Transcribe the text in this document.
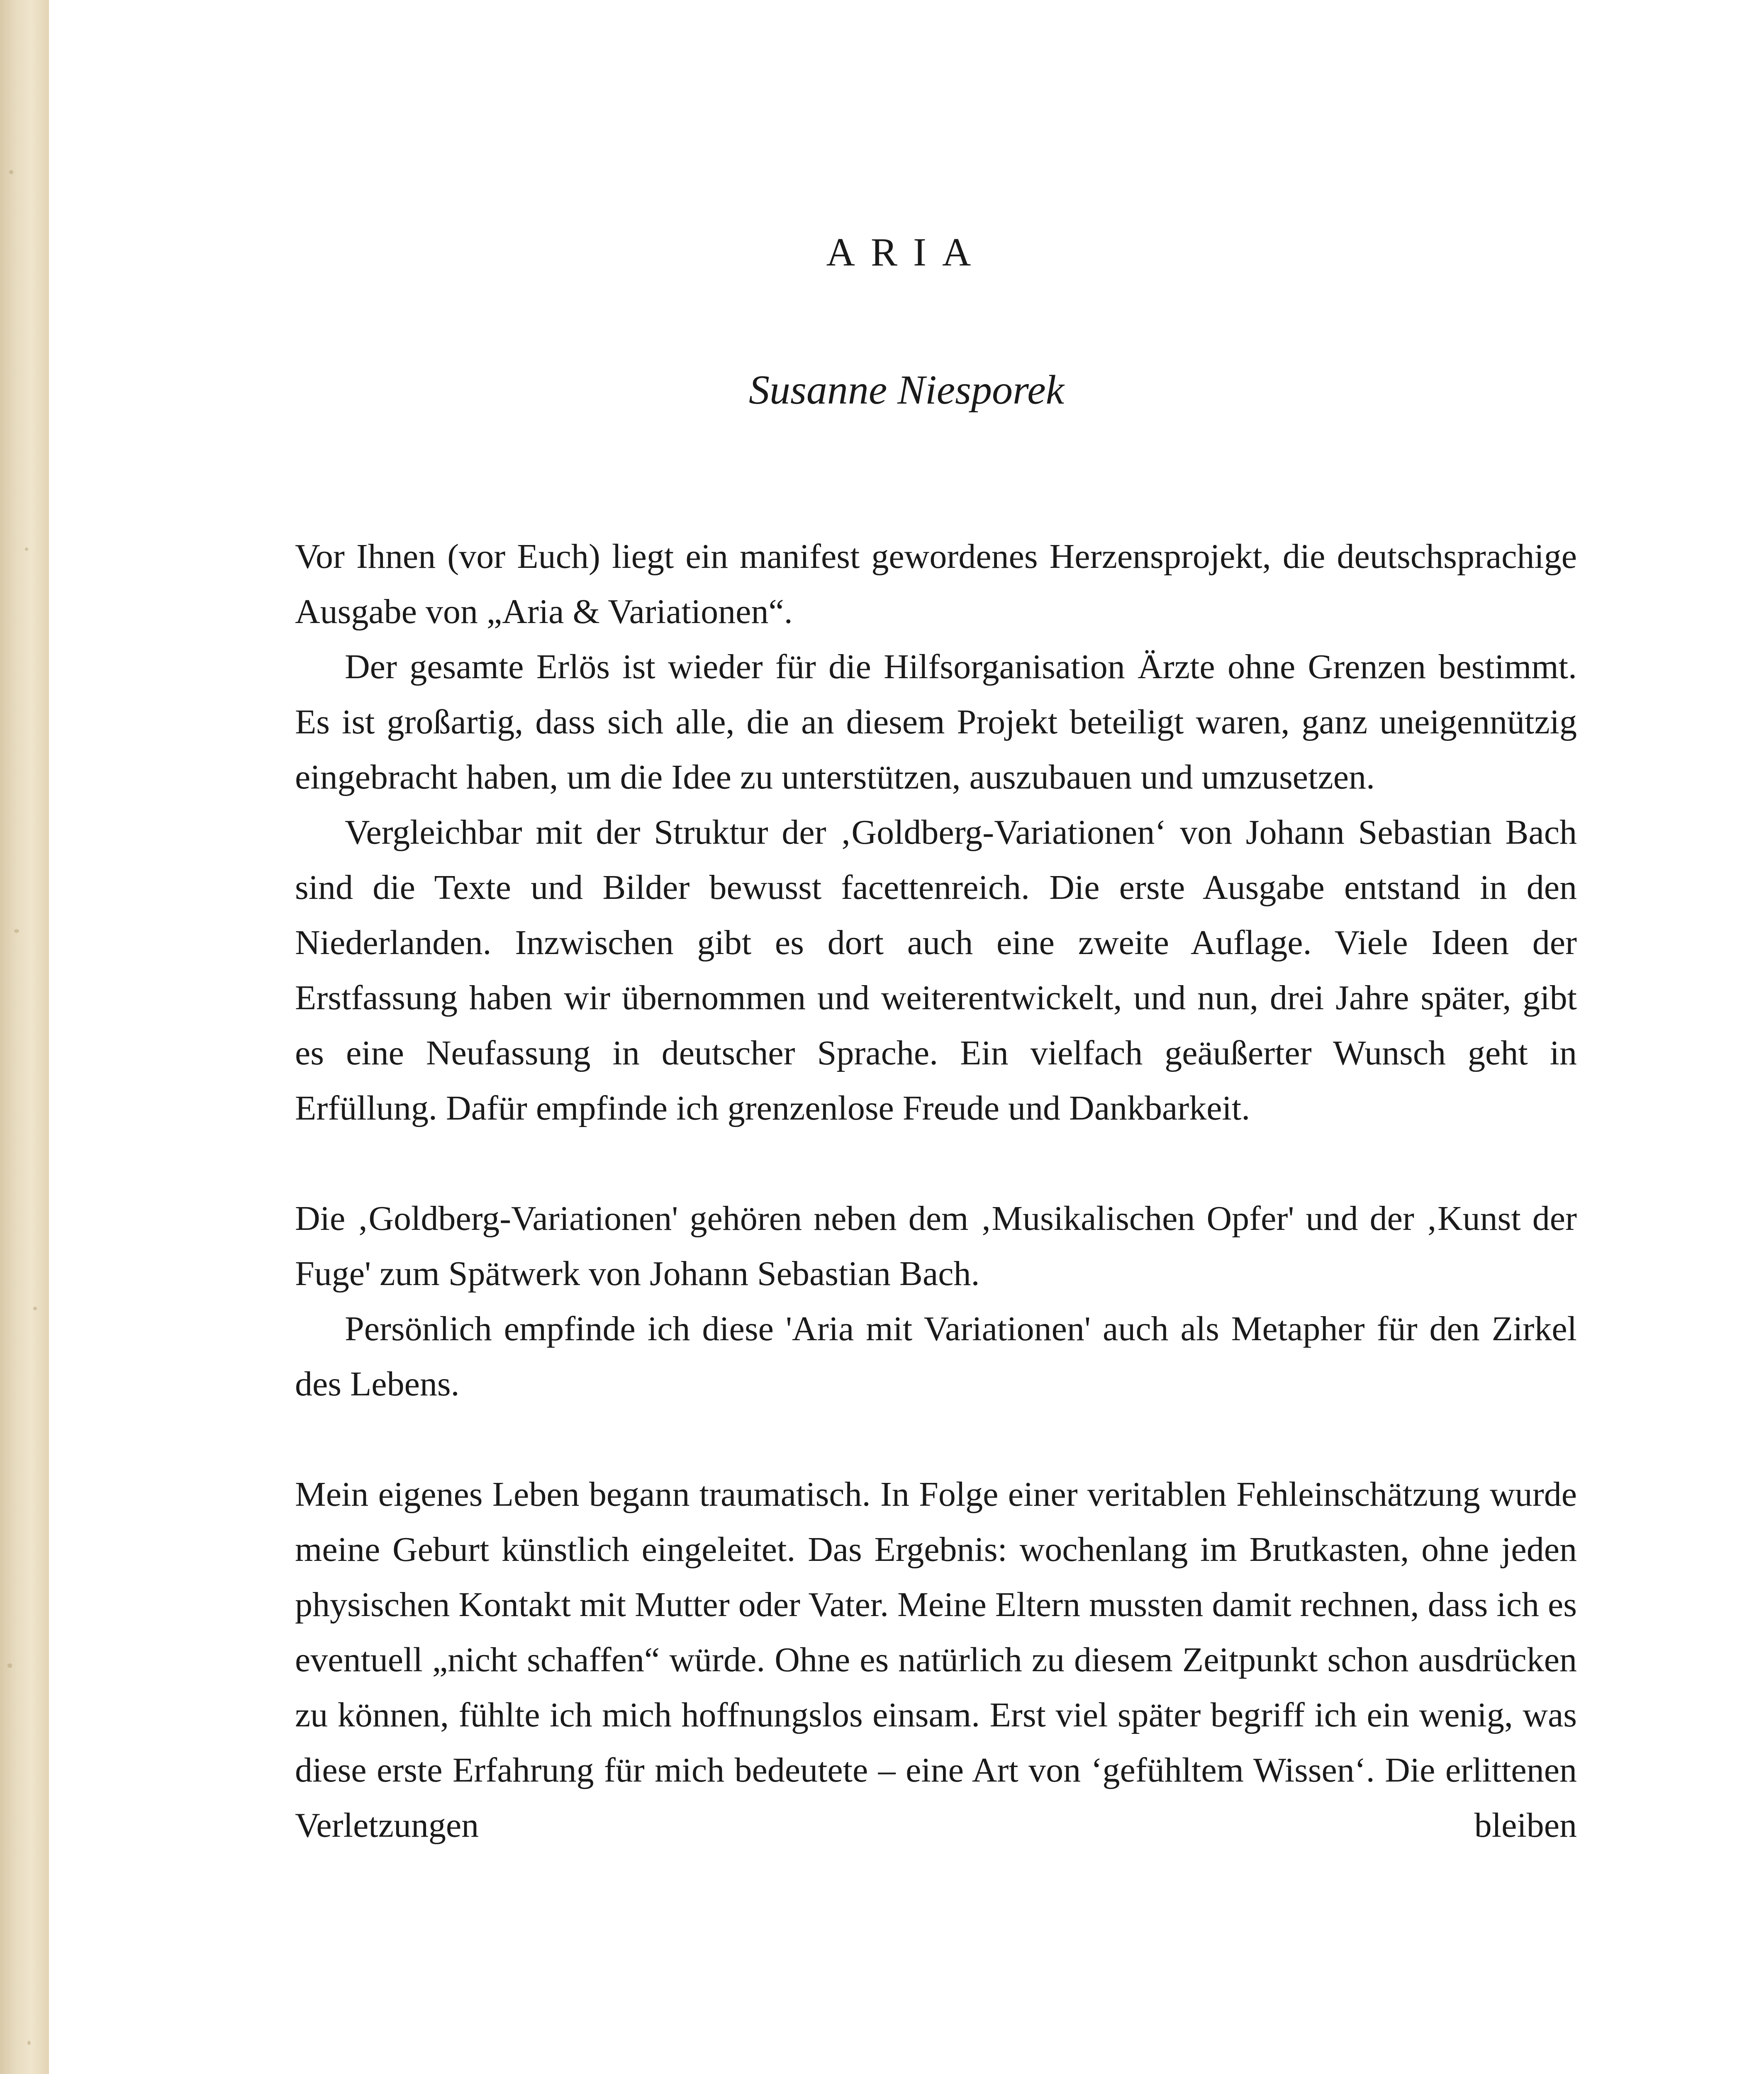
ARIA
Susanne Niesporek

Vor Ihnen (vor Euch) liegt ein manifest gewordenes Herzensprojekt, die deutschsprachige Ausgabe von „Aria & Variationen“.

Der gesamte Erlös ist wieder für die Hilfsorganisation Ärzte ohne Grenzen bestimmt. Es ist großartig, dass sich alle, die an diesem Projekt beteiligt waren, ganz uneigennützig eingebracht haben, um die Idee zu unterstützen, auszubauen und umzusetzen.

Vergleichbar mit der Struktur der ‚Goldberg-Variationen‘ von Johann Sebastian Bach sind die Texte und Bilder bewusst facettenreich. Die erste Ausgabe entstand in den Niederlanden. Inzwischen gibt es dort auch eine zweite Auflage. Viele Ideen der Erstfassung haben wir übernommen und weiterentwickelt, und nun, drei Jahre später, gibt es eine Neufassung in deutscher Sprache. Ein vielfach geäußerter Wunsch geht in Erfüllung. Dafür empfinde ich grenzenlose Freude und Dankbarkeit.

Die ‚Goldberg-Variationen' gehören neben dem ‚Musikalischen Opfer' und der ‚Kunst der Fuge' zum Spätwerk von Johann Sebastian Bach.

Persönlich empfinde ich diese 'Aria mit Variationen' auch als Metapher für den Zirkel des Lebens.

Mein eigenes Leben begann traumatisch. In Folge einer veritablen Fehleinschätzung wurde meine Geburt künstlich eingeleitet. Das Ergebnis: wochenlang im Brutkasten, ohne jeden physischen Kontakt mit Mutter oder Vater. Meine Eltern mussten damit rechnen, dass ich es eventuell „nicht schaffen“ würde. Ohne es natürlich zu diesem Zeitpunkt schon ausdrücken zu können, fühlte ich mich hoffnungslos einsam. Erst viel später begriff ich ein wenig, was diese erste Erfahrung für mich bedeutete – eine Art von ‘gefühltem Wissen‘. Die erlittenen Verletzungen bleiben
